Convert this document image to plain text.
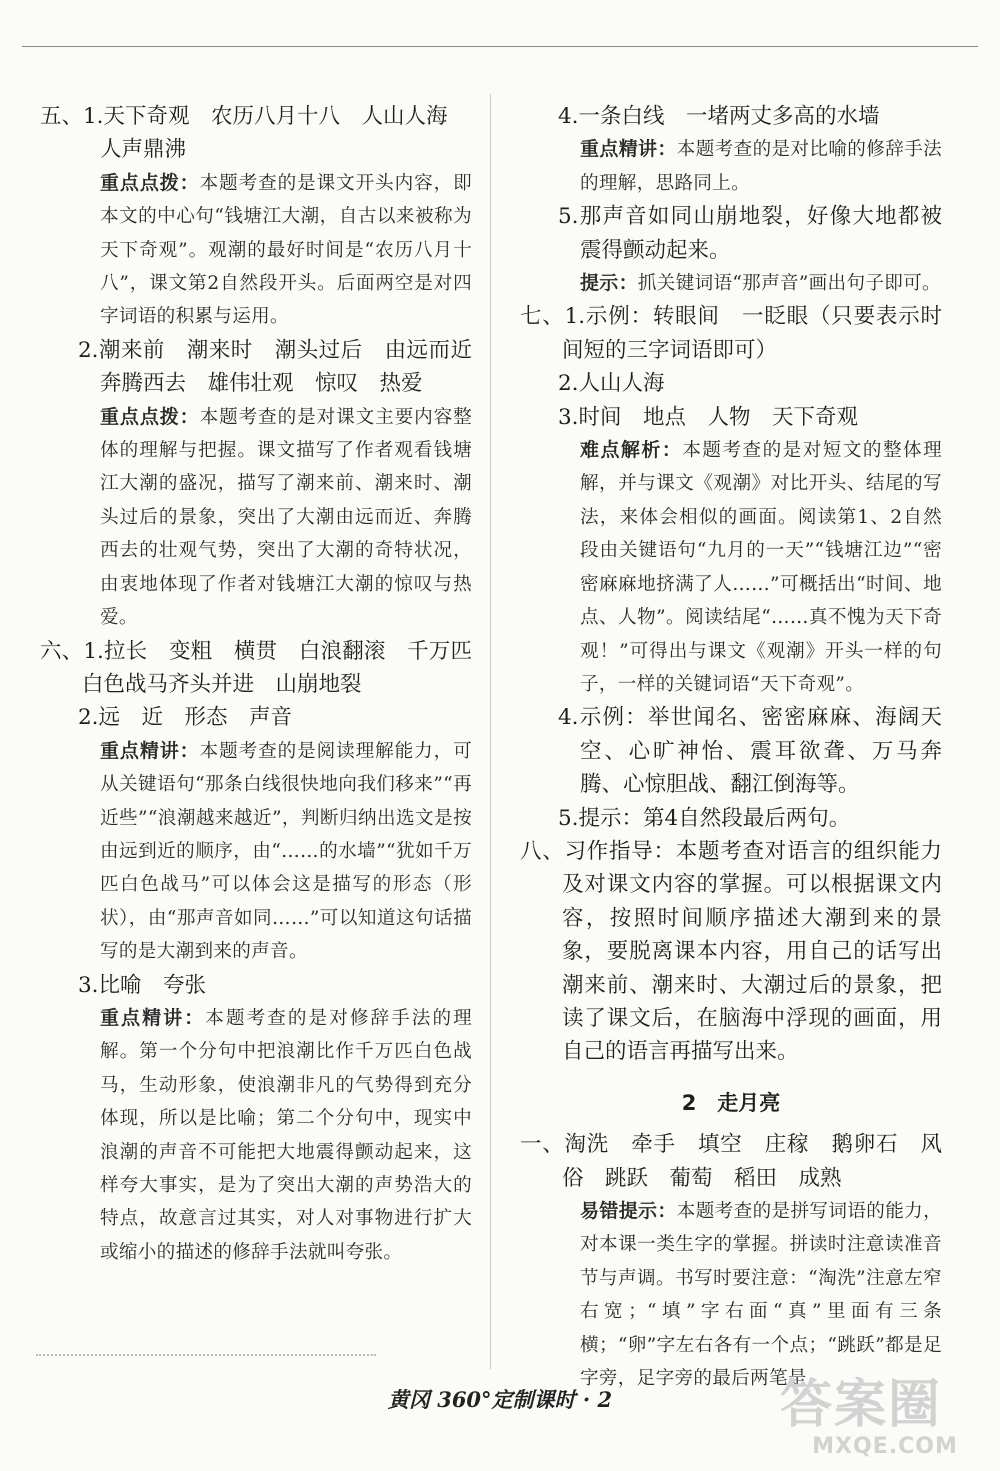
五、1.天下奇观　农历八月十八　人山人海

人声鼎沸

重点点拨：本题考查的是课文开头内容，即本文的中心句“钱塘江大潮，自古以来被称为天下奇观”。观潮的最好时间是“农历八月十八”，课文第2自然段开头。后面两空是对四字词语的积累与运用。

2.潮来前　潮来时　潮头过后　由远而近　奔腾西去　雄伟壮观　惊叹　热爱

重点点拨：本题考查的是对课文主要内容整体的理解与把握。课文描写了作者观看钱塘江大潮的盛况，描写了潮来前、潮来时、潮头过后的景象，突出了大潮由远而近、奔腾西去的壮观气势，突出了大潮的奇特状况，由衷地体现了作者对钱塘江大潮的惊叹与热爱。

六、1.拉长　变粗　横贯　白浪翻滚　千万匹白色战马齐头并进　山崩地裂

2.远　近　形态　声音

重点精讲：本题考查的是阅读理解能力，可从关键语句“那条白线很快地向我们移来”“再近些”“浪潮越来越近”，判断归纳出选文是按由远到近的顺序，由“……的水墙”“犹如千万匹白色战马”可以体会这是描写的形态（形状），由“那声音如同……”可以知道这句话描写的是大潮到来的声音。

3.比喻　夸张

重点精讲：本题考查的是对修辞手法的理解。第一个分句中把浪潮比作千万匹白色战马，生动形象，使浪潮非凡的气势得到充分体现，所以是比喻；第二个分句中，现实中浪潮的声音不可能把大地震得颤动起来，这样夸大事实，是为了突出大潮的声势浩大的特点，故意言过其实，对人对事物进行扩大或缩小的描述的修辞手法就叫夸张。

4.一条白线　一堵两丈多高的水墙

重点精讲：本题考查的是对比喻的修辞手法的理解，思路同上。

5.那声音如同山崩地裂，好像大地都被震得颤动起来。

提示：抓关键词语“那声音”画出句子即可。

七、1.示例：转眼间　一眨眼（只要表示时间短的三字词语即可）

2.人山人海

3.时间　地点　人物　天下奇观

难点解析：本题考查的是对短文的整体理解，并与课文《观潮》对比开头、结尾的写法，来体会相似的画面。阅读第1、2自然段由关键语句“九月的一天”“钱塘江边”“密密麻麻地挤满了人……”可概括出“时间、地点、人物”。阅读结尾“……真不愧为天下奇观！”可得出与课文《观潮》开头一样的句子，一样的关键词语“天下奇观”。

4.示例：举世闻名、密密麻麻、海阔天空、心旷神怡、震耳欲聋、万马奔腾、心惊胆战、翻江倒海等。

5.提示：第4自然段最后两句。

八、习作指导：本题考查对语言的组织能力及对课文内容的掌握。可以根据课文内容，按照时间顺序描述大潮到来的景象，要脱离课本内容，用自己的话写出潮来前、潮来时、大潮过后的景象，把读了课文后，在脑海中浮现的画面，用自己的语言再描写出来。

2　走月亮

一、淘洗　牵手　填空　庄稼　鹅卵石　风俗　跳跃　葡萄　稻田　成熟

易错提示：本题考查的是拼写词语的能力，对本课一类生字的掌握。拼读时注意读准音节与声调。书写时要注意：“淘洗”注意左窄右宽；“填”字右面“真”里面有三条横；“卵”字左右各有一个点；“跳跃”都是足字旁，足字旁的最后两笔是

黄冈 360°定制课时 · 2	答案圈
MXQE.COM
